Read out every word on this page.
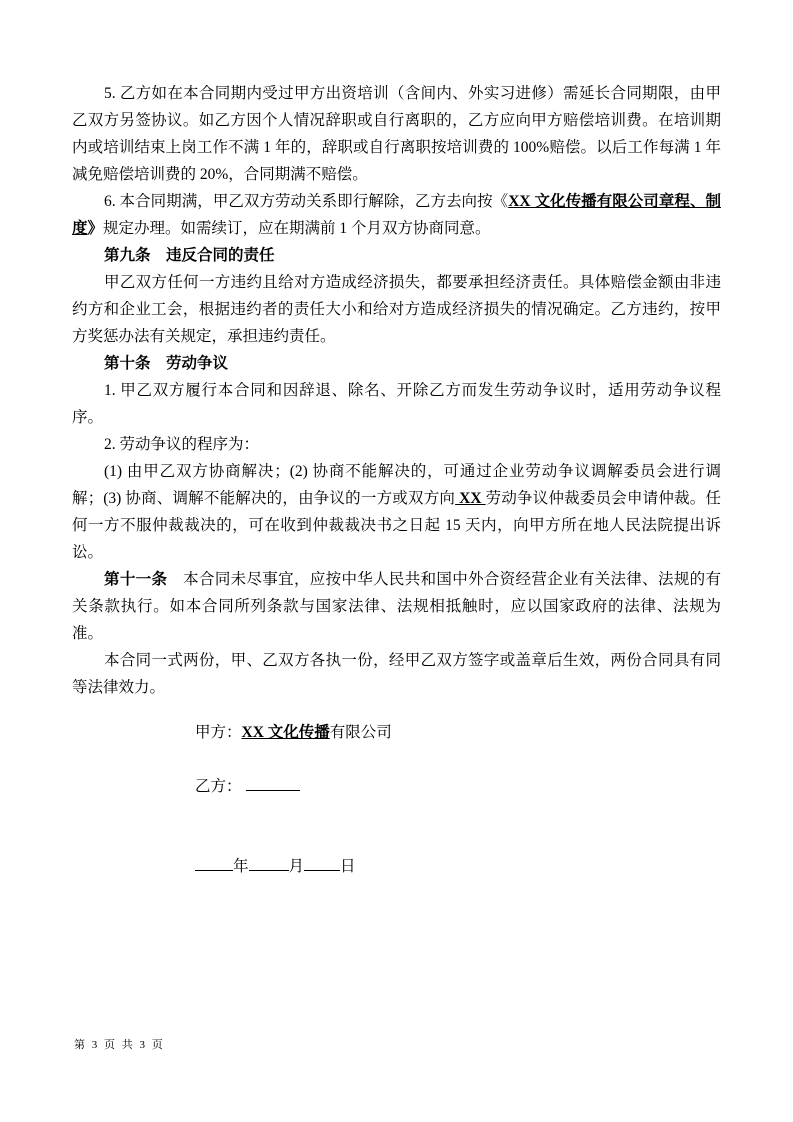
5. 乙方如在本合同期内受过甲方出资培训（含间内、外实习进修）需延长合同期限，由甲乙双方另签协议。如乙方因个人情况辞职或自行离职的，乙方应向甲方赔偿培训费。在培训期内或培训结束上岗工作不满 1 年的，辞职或自行离职按培训费的 100%赔偿。以后工作每满 1 年减免赔偿培训费的 20%，合同期满不赔偿。

6. 本合同期满，甲乙双方劳动关系即行解除，乙方去向按《XX 文化传播有限公司章程、制度》规定办理。如需续订，应在期满前 1 个月双方协商同意。

第九条　违反合同的责任

甲乙双方任何一方违约且给对方造成经济损失，都要承担经济责任。具体赔偿金额由非违约方和企业工会，根据违约者的责任大小和给对方造成经济损失的情况确定。乙方违约，按甲方奖惩办法有关规定，承担违约责任。

第十条　劳动争议

1. 甲乙双方履行本合同和因辞退、除名、开除乙方而发生劳动争议时，适用劳动争议程序。

2. 劳动争议的程序为：

(1) 由甲乙双方协商解决；(2) 协商不能解决的，可通过企业劳动争议调解委员会进行调解；(3) 协商、调解不能解决的，由争议的一方或双方向 XX 劳动争议仲裁委员会申请仲裁。任何一方不服仲裁裁决的，可在收到仲裁裁决书之日起 15 天内，向甲方所在地人民法院提出诉讼。

第十一条　本合同未尽事宜，应按中华人民共和国中外合资经营企业有关法律、法规的有关条款执行。如本合同所列条款与国家法律、法规相抵触时，应以国家政府的法律、法规为准。

本合同一式两份，甲、乙双方各执一份，经甲乙双方签字或盖章后生效，两份合同具有同等法律效力。

甲方：XX 文化传播有限公司

乙方：

年	月 日

第 3 页 共 3 页
